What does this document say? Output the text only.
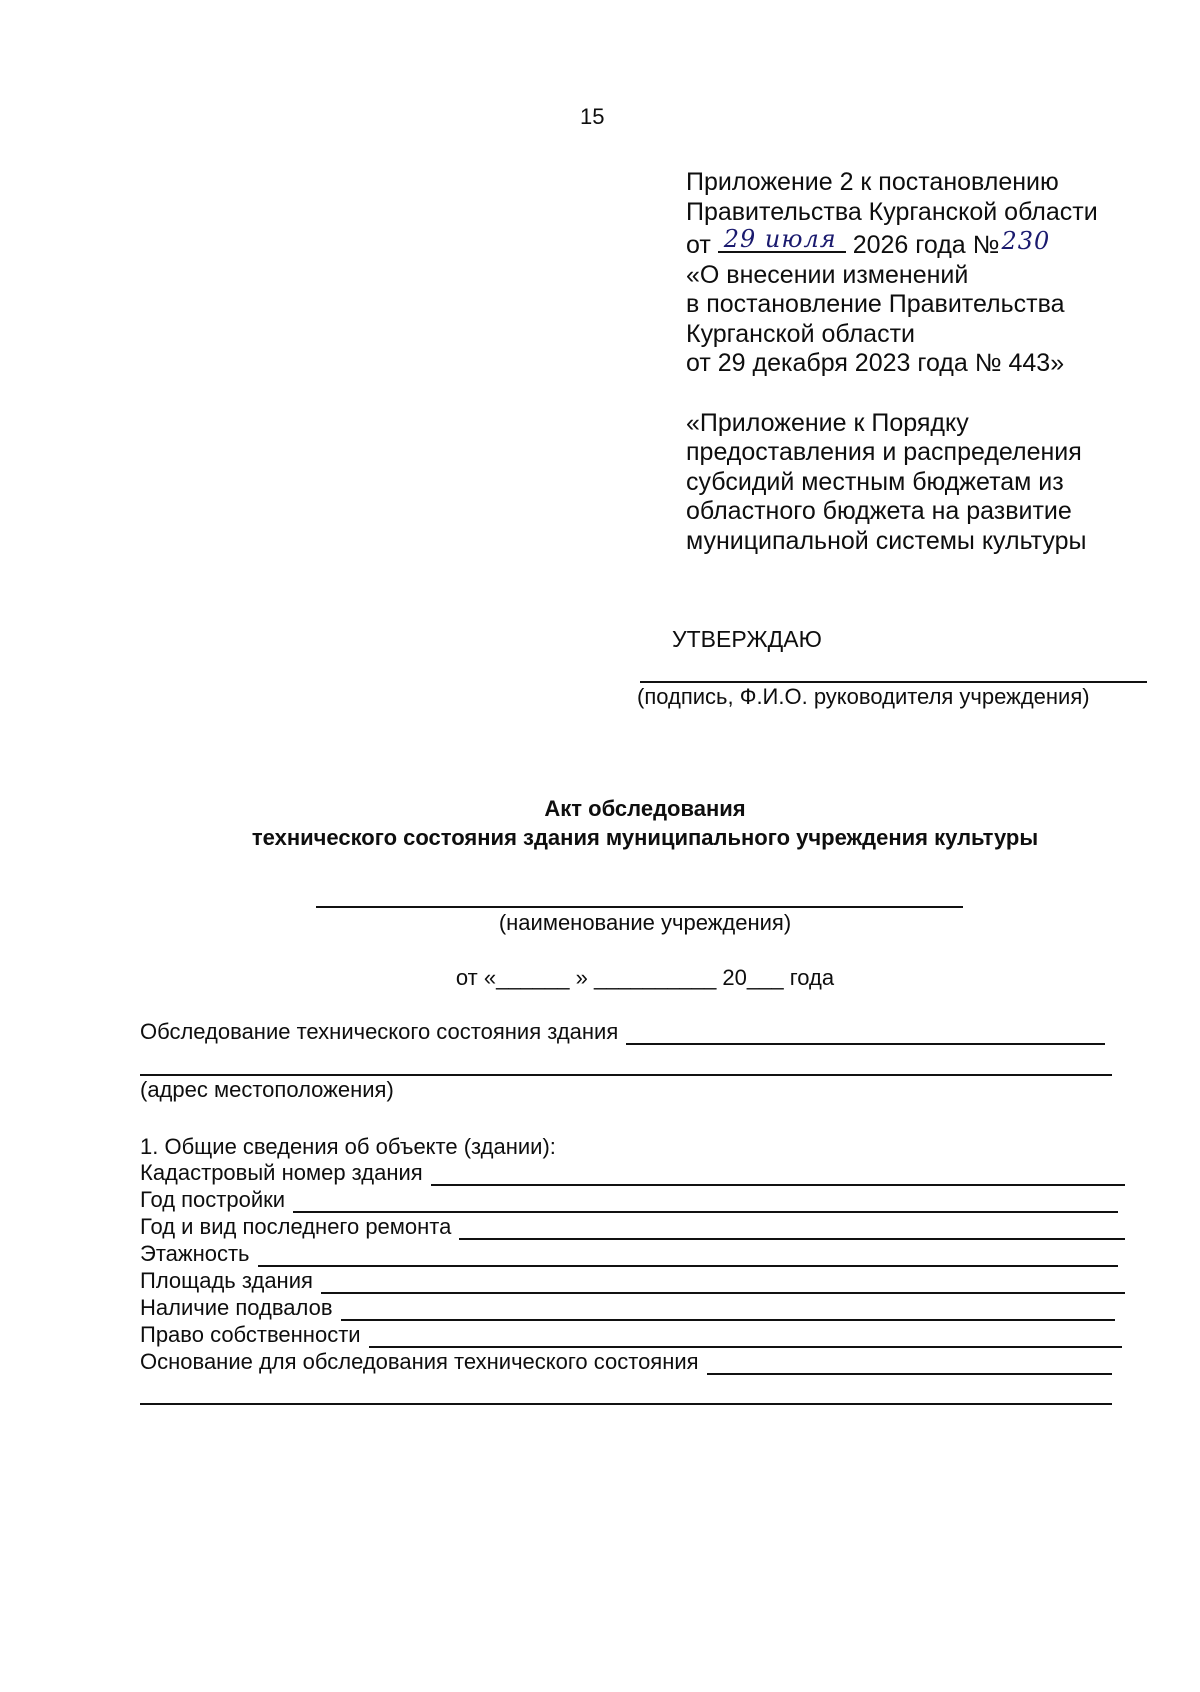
15
Приложение 2 к постановлению
Правительства Курганской области
от 29 июля 2026 года № 230
«О внесении изменений
в постановление Правительства
Курганской области
от 29 декабря 2023 года № 443»
«Приложение к Порядку
предоставления и распределения
субсидий местным бюджетам из
областного бюджета на развитие
муниципальной системы культуры
УТВЕРЖДАЮ
(подпись, Ф.И.О. руководителя учреждения)
Акт обследования
технического состояния здания муниципального учреждения культуры
(наименование учреждения)
от «______ » __________ 20___ года
Обследование технического состояния здания
(адрес местоположения)
1. Общие сведения об объекте (здании):
Кадастровый номер здания
Год постройки
Год и вид последнего ремонта
Этажность
Площадь здания
Наличие подвалов
Право собственности
Основание для обследования технического состояния
